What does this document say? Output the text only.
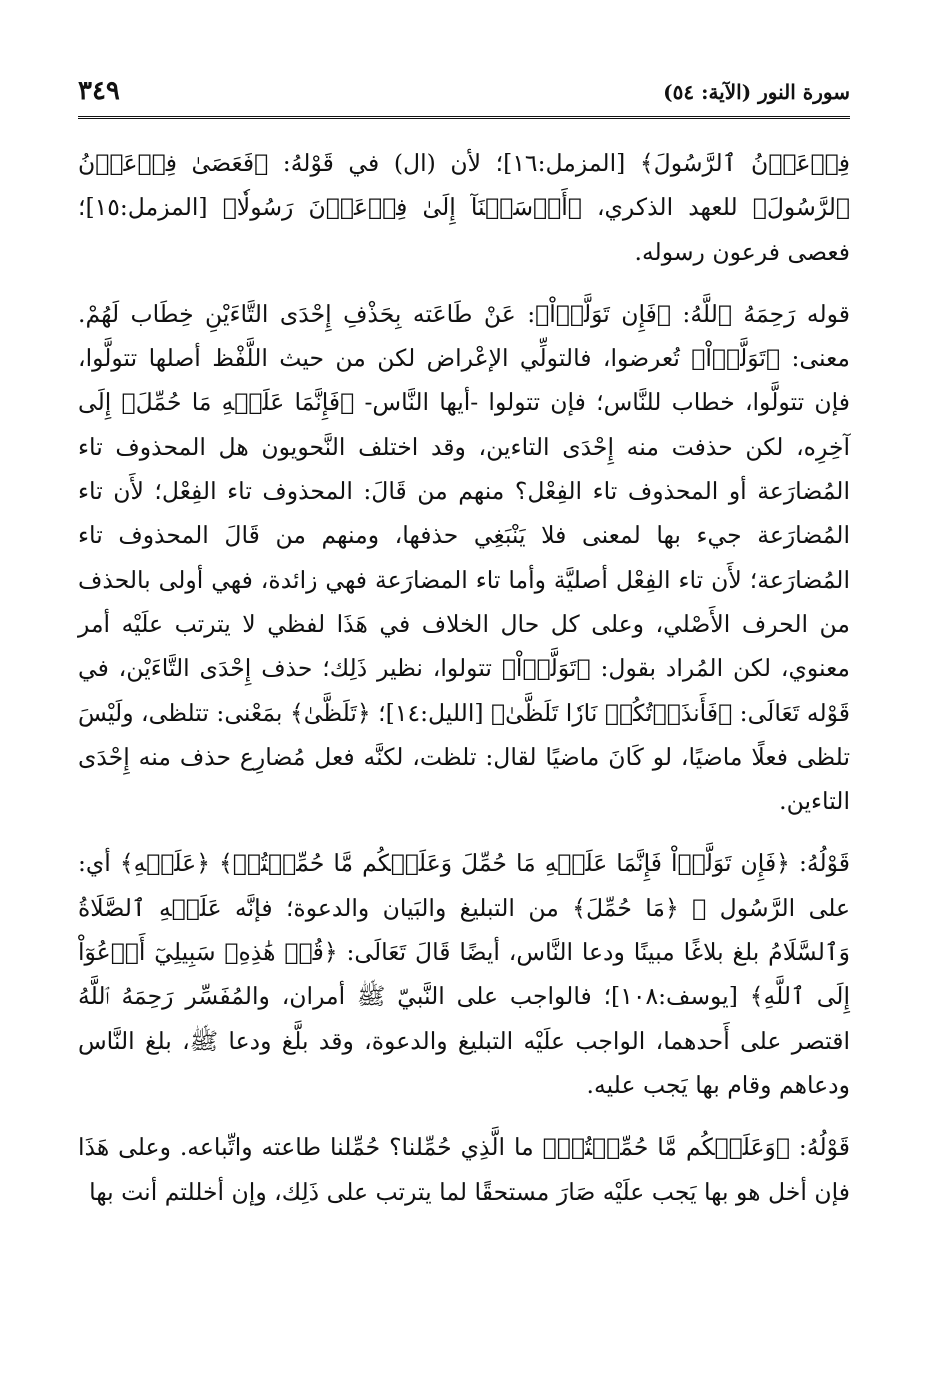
سورة النور (الآية: ٥٤)
٣٤٩

فِرۡعَوۡنُ ٱلرَّسُولَ﴾ [المزمل:١٦]؛ لأن (ال) في قَوْلهُ: ﴿فَعَصَىٰ فِرۡعَوۡنُ ٱلرَّسُولَ﴾ للعهد الذكري، ﴿أَرۡسَلۡنَآ إِلَىٰ فِرۡعَوۡنَ رَسُولٗا﴾ [المزمل:١٥]؛ فعصى فرعون رسوله.

قوله رَحِمَهُ ٱللَّهُ: ﴿فَإِن تَوَلَّوۡاْ﴾: عَنْ طَاعَته بِحَذْفِ إِحْدَى التَّاءَيْنِ خِطَاب لَهُمْ. معنى: ﴿تَوَلَّوۡاْ﴾ تُعرضوا، فالتولِّي الإعْراض لكن من حيث اللَّفْظ أصلها تتولَّوا، فإن تتولَّوا، خطاب للنَّاس؛ فإن تتولوا -أيها النَّاس- ﴿فَإِنَّمَا عَلَيۡهِ مَا حُمِّلَ﴾ إِلَى آخِرِه، لكن حذفت منه إِحْدَى التاءين، وقد اختلف النَّحويون هل المحذوف تاء المُضارَعة أو المحذوف تاء الفِعْل؟ منهم من قَالَ: المحذوف تاء الفِعْل؛ لأَن تاء المُضارَعة جيء بها لمعنى فلا يَنْبَغِي حذفها، ومنهم من قَالَ المحذوف تاء المُضارَعة؛ لأَن تاء الفِعْل أصليَّة وأما تاء المضارَعة فهي زائدة، فهي أولى بالحذف من الحرف الأَصْلي، وعلى كل حال الخلاف في هَذَا لفظي لا يترتب علَيْه أمر معنوي، لكن المُراد بقول: ﴿تَوَلَّوۡاْ﴾ تتولوا، نظير ذَلِك؛ حذف إِحْدَى التَّاءَيْن، في قَوْله تَعَالَى: ﴿فَأَنذَرۡتُكُمۡ نَارٗا تَلَظَّىٰ﴾ [الليل:١٤]؛ ﴿تَلَظَّىٰ﴾ بمَعْنى: تتلظى، ولَيْسَ تلظى فعلًا ماضيًا، لو كَانَ ماضيًا لقال: تلظت، لكنَّه فعل مُضارِع حذف منه إِحْدَى التاءين.

قَوْلُهُ: ﴿فَإِن تَوَلَّوۡاْ فَإِنَّمَا عَلَيۡهِ مَا حُمِّلَ وَعَلَيۡكُم مَّا حُمِّلۡتُمۡ﴾ ﴿عَلَيۡهِ﴾ أي: على الرَّسُول ﷺ ﴿مَا حُمِّلَ﴾ من التبليغ والبَيان والدعوة؛ فإنَّه عَلَيۡهِ ٱلصَّلَاةُ وَٱلسَّلَامُ بلغ بلاغًا مبينًا ودعا النَّاس، أيضًا قَالَ تَعَالَى: ﴿قُلۡ هَٰذِهِۦ سَبِيلِيٓ أَدۡعُوٓاْ إِلَى ٱللَّهِ﴾ [يوسف:١٠٨]؛ فالواجب على النَّبيّ ﷺ أمران، والمُفَسِّر رَحِمَهُ ٱللَّهُ اقتصر على أَحدهما، الواجب علَيْه التبليغ والدعوة، وقد بلَّغ ودعا ﷺ، بلغ النَّاس ودعاهم وقام بها يَجب عليه.

قَوْلُهُ: ﴿وَعَلَيۡكُم مَّا حُمِّلۡتُمۡ﴾ ما الَّذِي حُمِّلنا؟ حُمِّلنا طاعته واتِّباعه. وعلى هَذَا فإن أخل هو بها يَجب علَيْه صَارَ مستحقًا لما يترتب على ذَلِك، وإن أخللتم أنت بها
